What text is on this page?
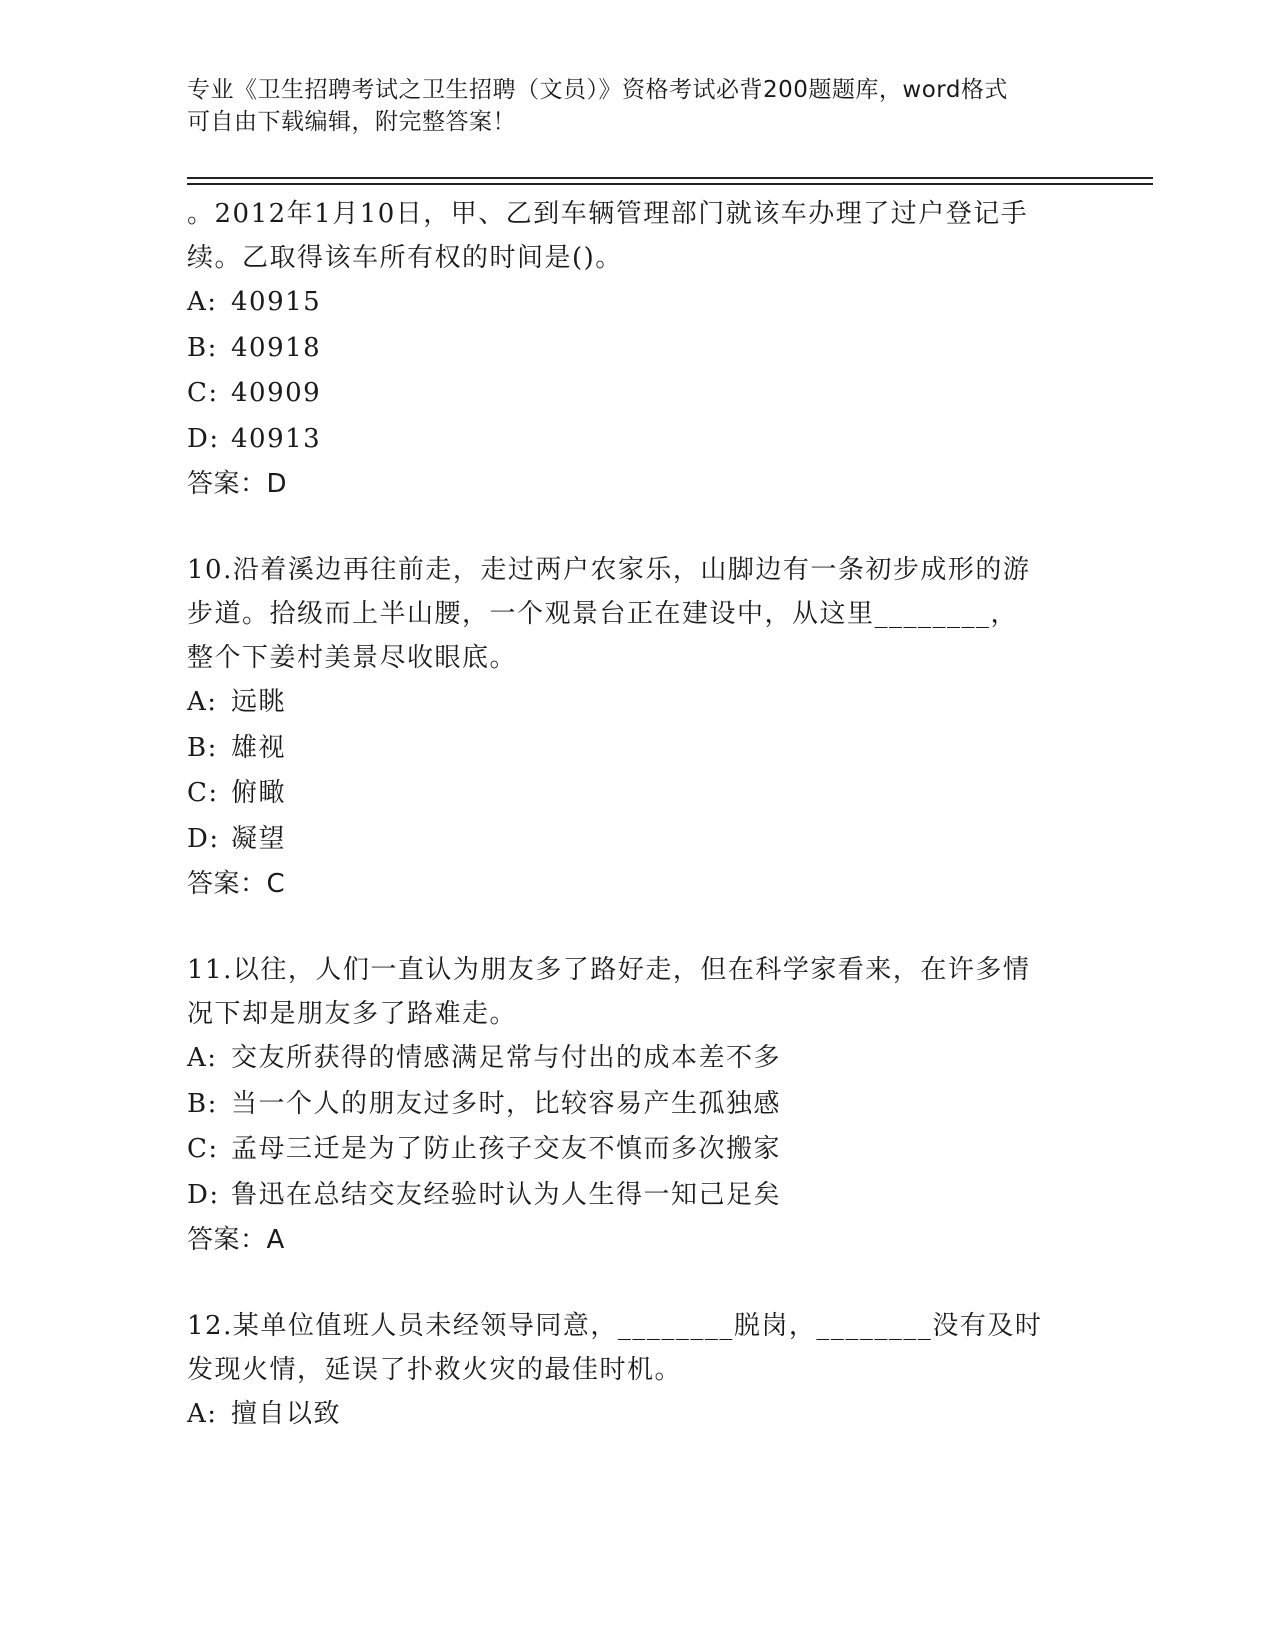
专业《卫生招聘考试之卫生招聘（文员）》资格考试必背200题题库，word格式
可自由下载编辑，附完整答案！

。2012年1月10日，甲、乙到车辆管理部门就该车办理了过户登记手

续。乙取得该车所有权的时间是()。

A: 40915

B: 40918

C: 40909

D: 40913

答案：D

10.沿着溪边再往前走，走过两户农家乐，山脚边有一条初步成形的游

步道。拾级而上半山腰，一个观景台正在建设中，从这里________，

整个下姜村美景尽收眼底。

A: 远眺

B: 雄视

C: 俯瞰

D: 凝望

答案：C

11.以往，人们一直认为朋友多了路好走，但在科学家看来，在许多情

况下却是朋友多了路难走。

A: 交友所获得的情感满足常与付出的成本差不多

B: 当一个人的朋友过多时，比较容易产生孤独感

C: 孟母三迁是为了防止孩子交友不慎而多次搬家

D: 鲁迅在总结交友经验时认为人生得一知己足矣

答案：A

12.某单位值班人员未经领导同意，________脱岗，________没有及时

发现火情，延误了扑救火灾的最佳时机。

A: 擅自以致
